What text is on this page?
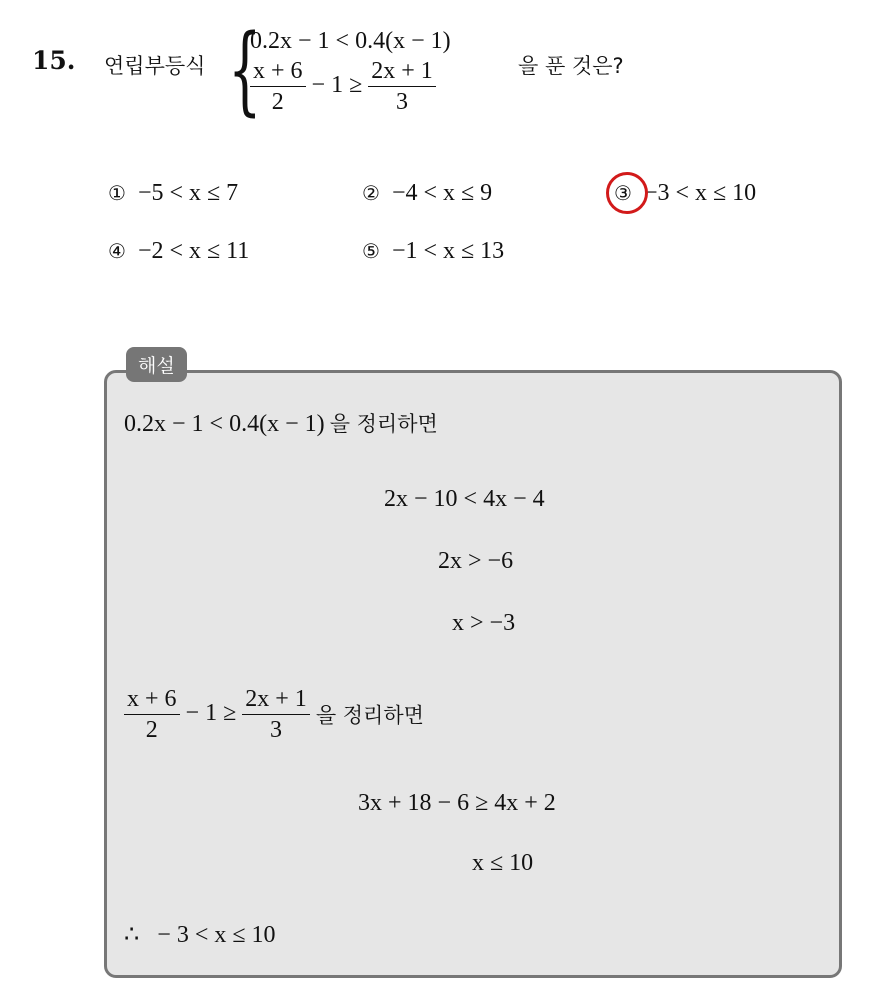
15. 연립부등식 {
0.2x − 1 < 0.4(x − 1)
$\frac{x + 6}{2} - 1 \ge \frac{2x + 1}{3}$	을 푼 것은?
① −5 < x ≤ 7	② −4 < x ≤ 9	③ −3 < x ≤ 10
④ −2 < x ≤ 11	⑤ −1 < x ≤ 13
해설
0.2x − 1 < 0.4(x − 1) 을 정리하면
2x − 10 < 4x − 4
2x > −6
x > −3
$\frac{x + 6}{2} - 1 \ge \frac{2x + 1}{3}$ 을 정리하면
3x + 18 − 6 ≥ 4x + 2
x ≤ 10
∴ − 3 < x ≤ 10
